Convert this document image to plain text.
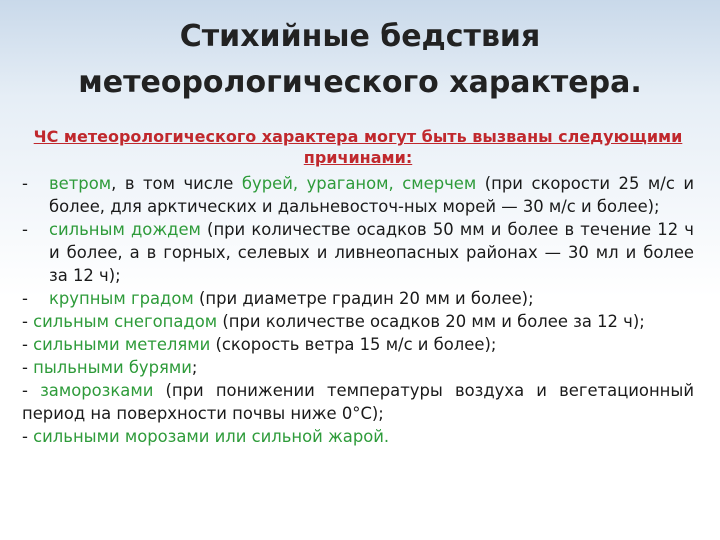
Стихийные бедствия
метеорологического характера.
ЧС метеорологического характера могут быть вызваны следующими причинами:
- ветром, в том числе бурей, ураганом, смерчем (при скорости 25 м/с и более, для арктических и дальневосточ-ных морей — 30 м/с и более);
- сильным дождем (при количестве осадков 50 мм и более в течение 12 ч и более, а в горных, селевых и ливнеопасных районах — 30 мл и более за 12 ч);
- крупным градом (при диаметре градин 20 мм и более);
- сильным снегопадом (при количестве осадков 20 мм и более за 12 ч);
- сильными метелями (скорость ветра 15 м/с и более);
- пыльными бурями;
- заморозками (при понижении температуры воздуха и вегетационный период на поверхности почвы ниже 0°С);
- сильными морозами или сильной жарой.
